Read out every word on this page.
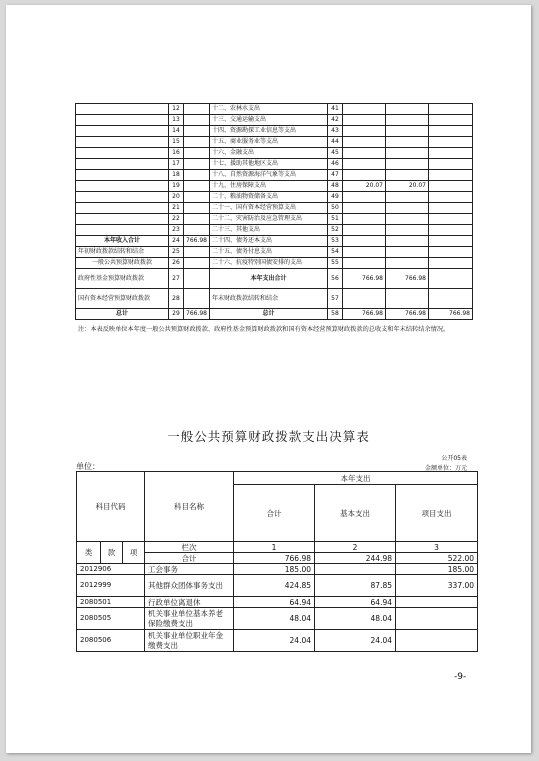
	12		十二、农林水支出	41			
	13		十三、交通运输支出	42			
	14		十四、资源勘探工业信息等支出	43			
	15		十五、商业服务业等支出	44			
	16		十六、金融支出	45			
	17		十七、援助其他地区支出	46			
	18		十八、自然资源海洋气象等支出	47			
	19		十九、住房保障支出	48	20.07	20.07	
	20		二十、粮油物资储备支出	49			
	21		二十一、国有资本经营预算支出	50			
	22		二十二、灾害防治及应急管理支出	51			
	23		二十三、其他支出	52			
本年收入合计	24	766.98	二十四、债务还本支出	53			
年初财政拨款结转和结余	25		二十五、债务付息支出	54			
一般公共预算财政拨款	26		二十六、抗疫特别国债安排的支出	55			
政府性基金预算财政拨款	27		本年支出合计	56	766.98	766.98	
国有资本经营预算财政拨款	28		年末财政拨款结转和结余	57			
总计	29	766.98	总计	58	766.98	766.98	766.98
注：本表反映单位本年度一般公共预算财政拨款、政府性基金预算财政拨款和国有资本经营预算财政拨款的总收支和年末结转结余情况。
一般公共预算财政拨款支出决算表
公开05表
单位：	金额单位：万元
科目代码			科目名称	本年支出		
				合计	基本支出	项目支出
类	款	项	栏次	1	2	3
			合计	766.98	244.98	522.00
2012906			工会事务	185.00		185.00
2012999			其他群众团体事务支出	424.85	87.85	337.00
2080501			行政单位离退休	64.94	64.94	
2080505			机关事业单位基本养老保险缴费支出	48.04	48.04	
2080506			机关事业单位职业年金缴费支出	24.04	24.04	
-9-
